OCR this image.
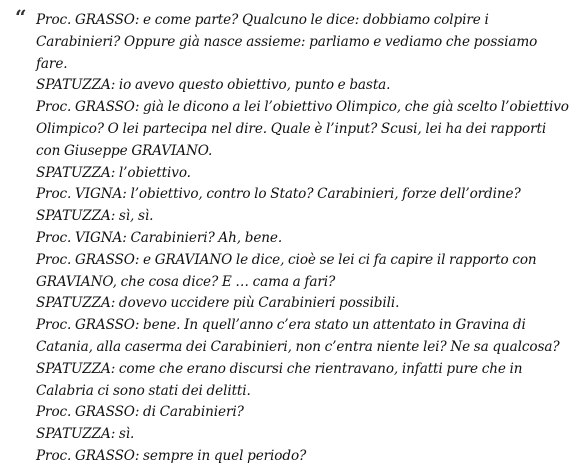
“ Proc. GRASSO: e come parte? Qualcuno le dice: dobbiamo colpire i
Carabinieri? Oppure già nasce assieme: parliamo e vediamo che possiamo
fare.
SPATUZZA: io avevo questo obiettivo, punto e basta.
Proc. GRASSO: già le dicono a lei l’obiettivo Olimpico, che già scelto l’obiettivo
Olimpico? O lei partecipa nel dire. Quale è l’input? Scusi, lei ha dei rapporti
con Giuseppe GRAVIANO.
SPATUZZA: l’obiettivo.
Proc. VIGNA: l’obiettivo, contro lo Stato? Carabinieri, forze dell’ordine?
SPATUZZA: sì, sì.
Proc. VIGNA: Carabinieri? Ah, bene.
Proc. GRASSO: e GRAVIANO le dice, cioè se lei ci fa capire il rapporto con
GRAVIANO, che cosa dice? E … cama a fari?
SPATUZZA: dovevo uccidere più Carabinieri possibili.
Proc. GRASSO: bene. In quell’anno c’era stato un attentato in Gravina di
Catania, alla caserma dei Carabinieri, non c’entra niente lei? Ne sa qualcosa?
SPATUZZA: come che erano discursi che rientravano, infatti pure che in
Calabria ci sono stati dei delitti.
Proc. GRASSO: di Carabinieri?
SPATUZZA: sì.
Proc. GRASSO: sempre in quel periodo?
